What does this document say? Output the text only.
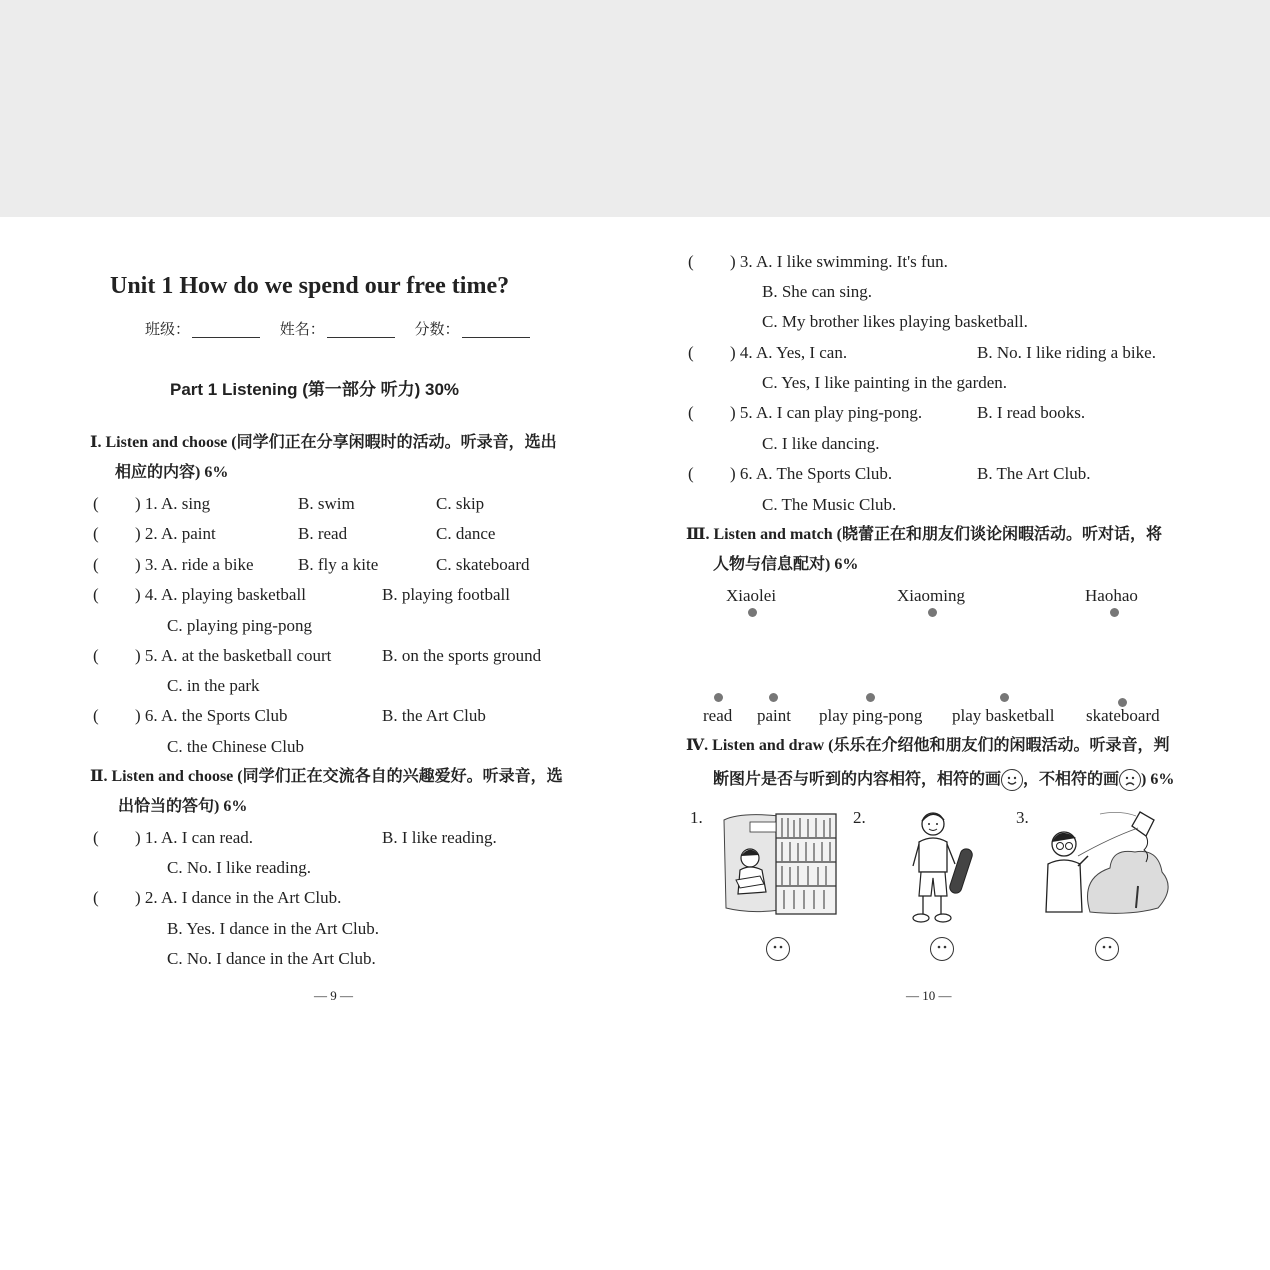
Unit 1 How do we spend our free time?
班级：	姓名：	分数：
Part 1 Listening (第一部分 听力) 30%
Ⅰ. Listen and choose (同学们正在分享闲暇时的活动。听录音，选出
相应的内容) 6%
( ) 1. A. sing	B. swim	C. skip
( ) 2. A. paint	B. read	C. dance
( ) 3. A. ride a bike	B. fly a kite	C. skateboard
( ) 4. A. playing basketball	B. playing football
C. playing ping-pong
( ) 5. A. at the basketball court	B. on the sports ground
C. in the park
( ) 6. A. the Sports Club	B. the Art Club
C. the Chinese Club
Ⅱ. Listen and choose (同学们正在交流各自的兴趣爱好。听录音，选
出恰当的答句) 6%
( ) 1. A. I can read.	B. I like reading.
C. No. I like reading.
( ) 2. A. I dance in the Art Club.
B. Yes. I dance in the Art Club.
C. No. I dance in the Art Club.
— 9 —
( ) 3. A. I like swimming. It's fun.
B. She can sing.
C. My brother likes playing basketball.
( ) 4. A. Yes, I can.	B. No. I like riding a bike.
C. Yes, I like painting in the garden.
( ) 5. A. I can play ping-pong.	B. I read books.
C. I like dancing.
( ) 6. A. The Sports Club.	B. The Art Club.
C. The Music Club.
Ⅲ. Listen and match (晓蕾正在和朋友们谈论闲暇活动。听对话，将
人物与信息配对) 6%
Xiaolei	Xiaoming	Haohao
read paint play ping-pong play basketball skateboard
Ⅳ. Listen and draw (乐乐在介绍他和朋友们的闲暇活动。听录音，判
断图片是否与听到的内容相符，相符的画 ，不相符的画 ) 6%
1.	2.	3.
— 10 —
